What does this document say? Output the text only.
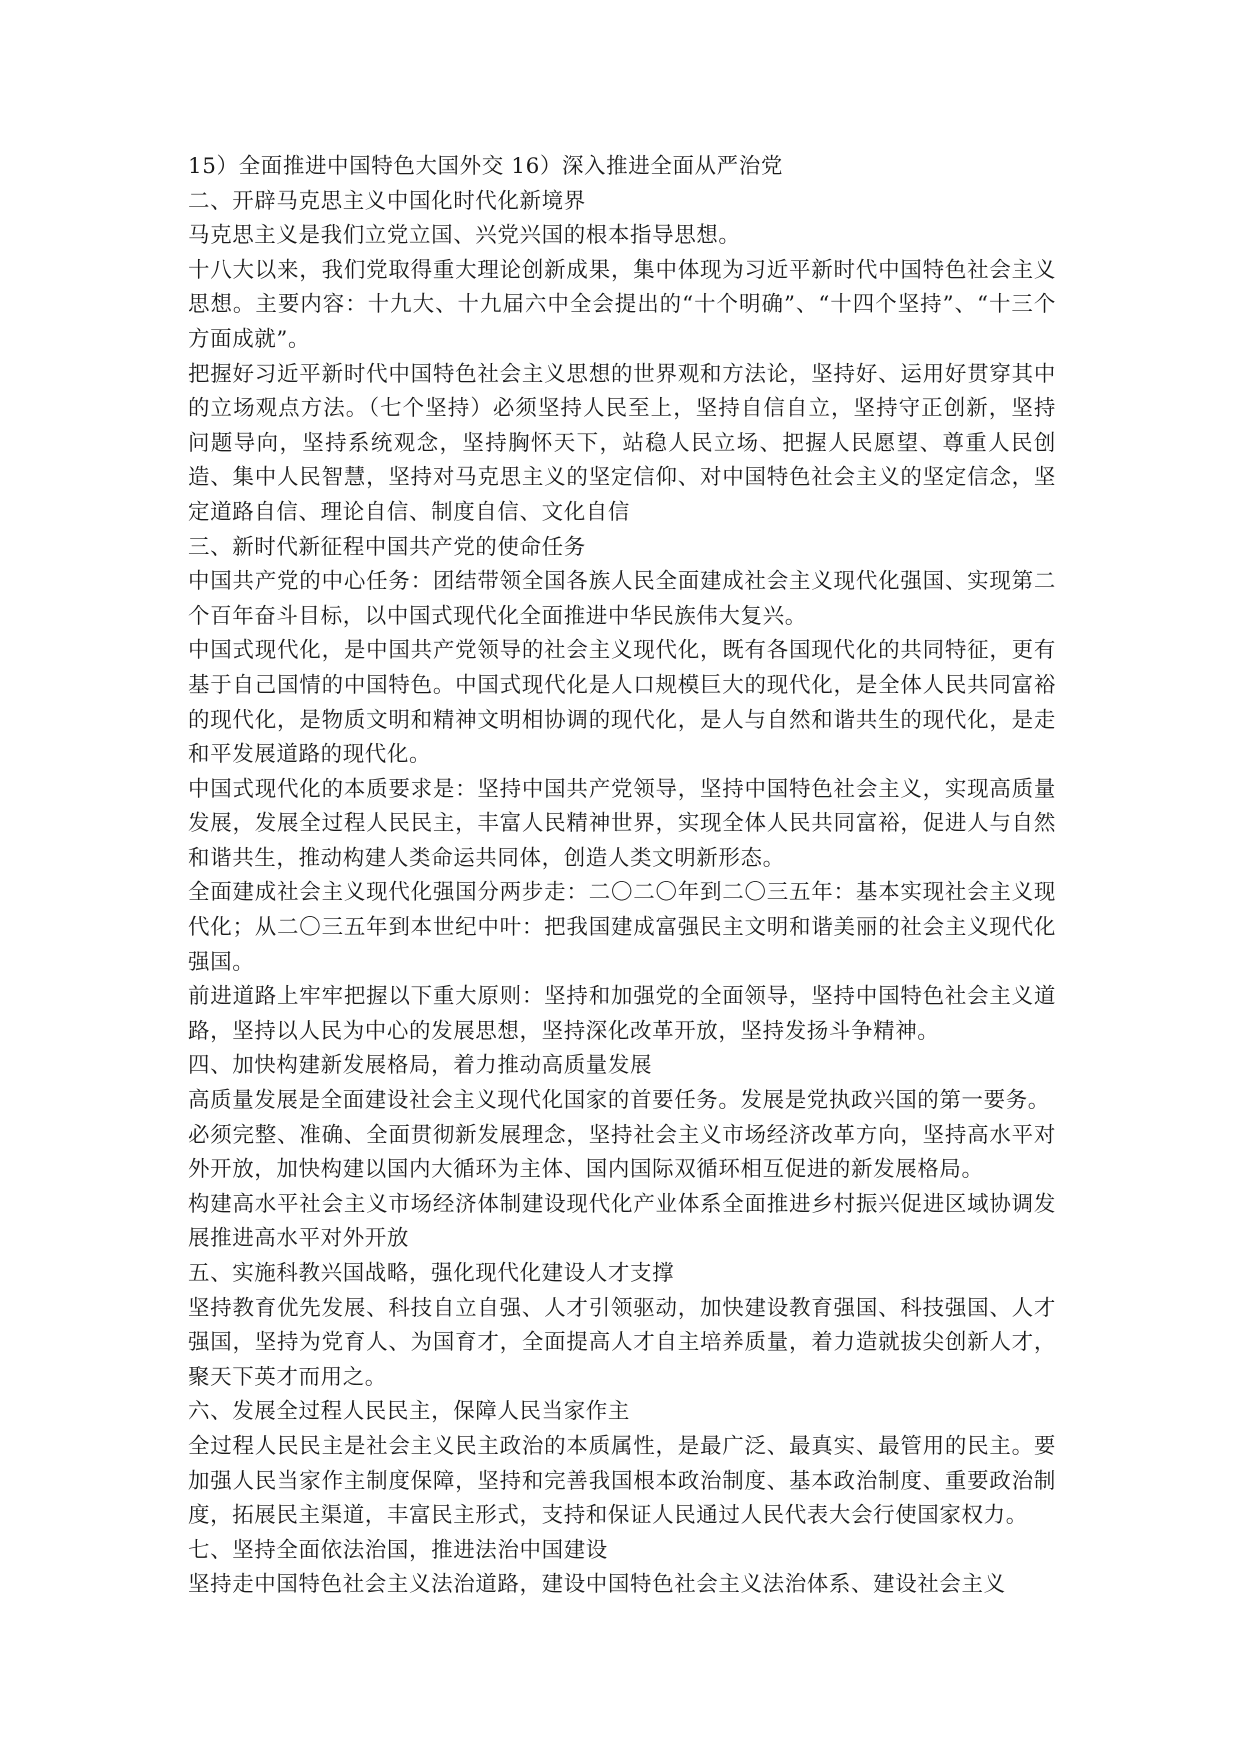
15）全面推进中国特色大国外交 16）深入推进全面从严治党

二、开辟马克思主义中国化时代化新境界

马克思主义是我们立党立国、兴党兴国的根本指导思想。

十八大以来，我们党取得重大理论创新成果，集中体现为习近平新时代中国特色社会主义思想。主要内容：十九大、十九届六中全会提出的“十个明确”、“十四个坚持”、“十三个方面成就”。

把握好习近平新时代中国特色社会主义思想的世界观和方法论，坚持好、运用好贯穿其中的立场观点方法。（七个坚持）必须坚持人民至上，坚持自信自立，坚持守正创新，坚持问题导向，坚持系统观念，坚持胸怀天下，站稳人民立场、把握人民愿望、尊重人民创造、集中人民智慧，坚持对马克思主义的坚定信仰、对中国特色社会主义的坚定信念，坚定道路自信、理论自信、制度自信、文化自信

三、新时代新征程中国共产党的使命任务

中国共产党的中心任务：团结带领全国各族人民全面建成社会主义现代化强国、实现第二个百年奋斗目标，以中国式现代化全面推进中华民族伟大复兴。

中国式现代化，是中国共产党领导的社会主义现代化，既有各国现代化的共同特征，更有基于自己国情的中国特色。中国式现代化是人口规模巨大的现代化，是全体人民共同富裕的现代化，是物质文明和精神文明相协调的现代化，是人与自然和谐共生的现代化，是走和平发展道路的现代化。

中国式现代化的本质要求是：坚持中国共产党领导，坚持中国特色社会主义，实现高质量发展，发展全过程人民民主，丰富人民精神世界，实现全体人民共同富裕，促进人与自然和谐共生，推动构建人类命运共同体，创造人类文明新形态。

全面建成社会主义现代化强国分两步走：二〇二〇年到二〇三五年：基本实现社会主义现代化；从二〇三五年到本世纪中叶：把我国建成富强民主文明和谐美丽的社会主义现代化强国。

前进道路上牢牢把握以下重大原则：坚持和加强党的全面领导，坚持中国特色社会主义道路，坚持以人民为中心的发展思想，坚持深化改革开放，坚持发扬斗争精神。

四、加快构建新发展格局，着力推动高质量发展

高质量发展是全面建设社会主义现代化国家的首要任务。发展是党执政兴国的第一要务。

必须完整、准确、全面贯彻新发展理念，坚持社会主义市场经济改革方向，坚持高水平对外开放，加快构建以国内大循环为主体、国内国际双循环相互促进的新发展格局。

构建高水平社会主义市场经济体制建设现代化产业体系全面推进乡村振兴促进区域协调发展推进高水平对外开放

五、实施科教兴国战略，强化现代化建设人才支撑

坚持教育优先发展、科技自立自强、人才引领驱动，加快建设教育强国、科技强国、人才强国，坚持为党育人、为国育才，全面提高人才自主培养质量，着力造就拔尖创新人才，聚天下英才而用之。

六、发展全过程人民民主，保障人民当家作主

全过程人民民主是社会主义民主政治的本质属性，是最广泛、最真实、最管用的民主。要加强人民当家作主制度保障，坚持和完善我国根本政治制度、基本政治制度、重要政治制度，拓展民主渠道，丰富民主形式，支持和保证人民通过人民代表大会行使国家权力。

七、坚持全面依法治国，推进法治中国建设

坚持走中国特色社会主义法治道路，建设中国特色社会主义法治体系、建设社会主义
